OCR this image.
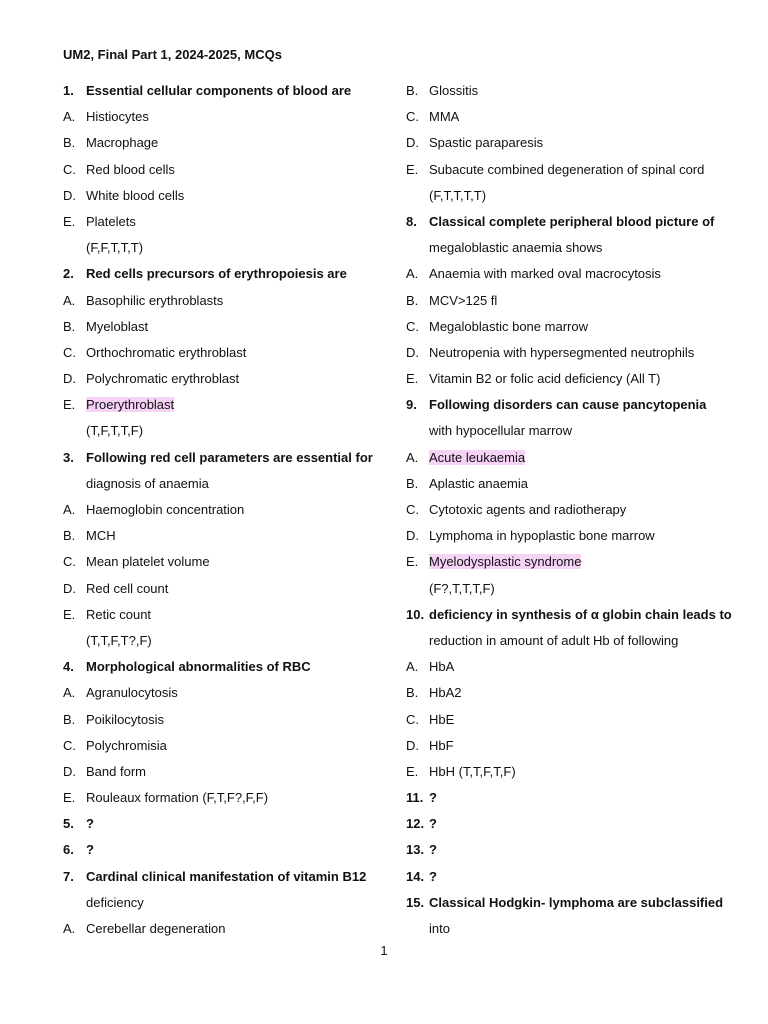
UM2, Final Part 1, 2024-2025, MCQs
1. Essential cellular components of blood are
A. Histiocytes
B. Macrophage
C. Red blood cells
D. White blood cells
E. Platelets
(F,F,T,T,T)
2. Red cells precursors of erythropoiesis are
A. Basophilic erythroblasts
B. Myeloblast
C. Orthochromatic erythroblast
D. Polychromatic erythroblast
E. Proerythroblast
(T,F,T,T,F)
3. Following red cell parameters are essential for
diagnosis of anaemia
A. Haemoglobin concentration
B. MCH
C. Mean platelet volume
D. Red cell count
E. Retic count
(T,T,F,T?,F)
4. Morphological abnormalities of RBC
A. Agranulocytosis
B. Poikilocytosis
C. Polychromisia
D. Band form
E. Rouleaux formation (F,T,F?,F,F)
5. ?
6. ?
7. Cardinal clinical manifestation of vitamin B12
deficiency
A. Cerebellar degeneration
B. Glossitis
C. MMA
D. Spastic paraparesis
E. Subacute combined degeneration of spinal cord
(F,T,T,T,T)
8. Classical complete peripheral blood picture of
megaloblastic anaemia shows
A. Anaemia with marked oval macrocytosis
B. MCV>125 fl
C. Megaloblastic bone marrow
D. Neutropenia with hypersegmented neutrophils
E. Vitamin B2 or folic acid deficiency (All T)
9. Following disorders can cause pancytopenia
with hypocellular marrow
A. Acute leukaemia
B. Aplastic anaemia
C. Cytotoxic agents and radiotherapy
D. Lymphoma in hypoplastic bone marrow
E. Myelodysplastic syndrome
(F?,T,T,T,F)
10. deficiency in synthesis of α globin chain leads to
reduction in amount of adult Hb of following
A. HbA
B. HbA2
C. HbE
D. HbF
E. HbH (T,T,F,T,F)
11. ?
12. ?
13. ?
14. ?
15. Classical Hodgkin- lymphoma are subclassified
into
1
